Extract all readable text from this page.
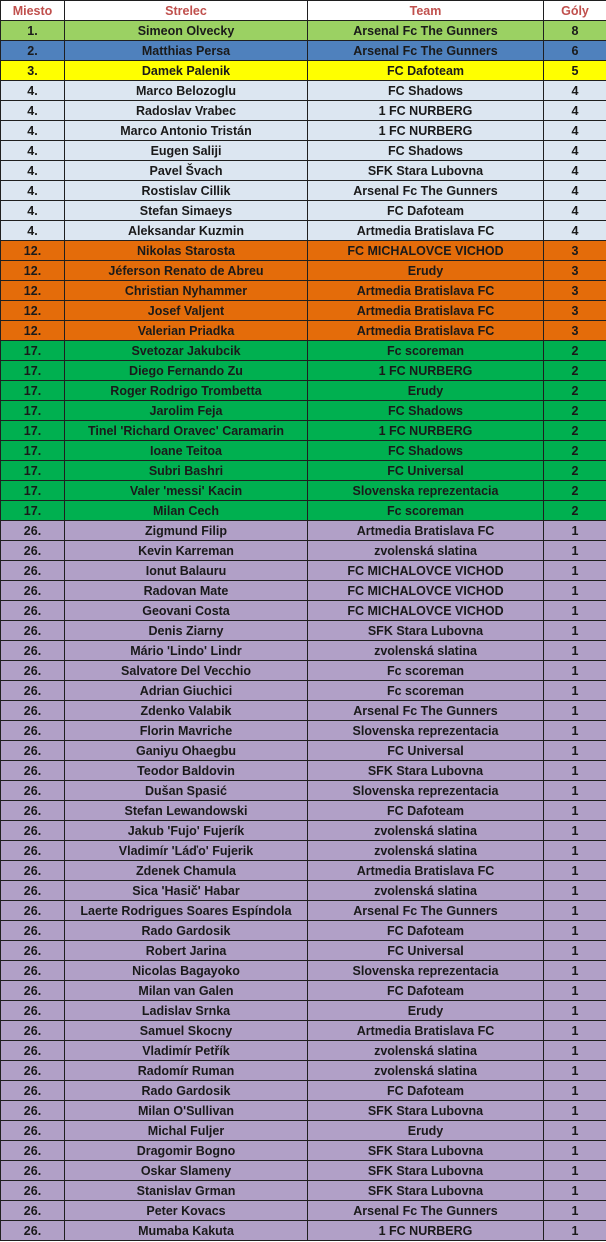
Miesto	Strelec	Team	Góly
1.	Simeon Olvecky	Arsenal Fc The Gunners	8
2.	Matthias Persa	Arsenal Fc The Gunners	6
3.	Damek Palenik	FC Dafoteam	5
4.	Marco Belozoglu	FC Shadows	4
4.	Radoslav Vrabec	1 FC NURBERG	4
4.	Marco Antonio Tristán	1 FC NURBERG	4
4.	Eugen Saliji	FC Shadows	4
4.	Pavel Švach	SFK Stara Lubovna	4
4.	Rostislav Cillik	Arsenal Fc The Gunners	4
4.	Stefan Simaeys	FC Dafoteam	4
4.	Aleksandar Kuzmin	Artmedia Bratislava FC	4
12.	Nikolas Starosta	FC MICHALOVCE VICHOD	3
12.	Jéferson Renato de Abreu	Erudy	3
12.	Christian Nyhammer	Artmedia Bratislava FC	3
12.	Josef Valjent	Artmedia Bratislava FC	3
12.	Valerian Priadka	Artmedia Bratislava FC	3
17.	Svetozar Jakubcik	Fc scoreman	2
17.	Diego Fernando Zu	1 FC NURBERG	2
17.	Roger Rodrigo Trombetta	Erudy	2
17.	Jarolim Feja	FC Shadows	2
17.	Tinel 'Richard Oravec' Caramarin	1 FC NURBERG	2
17.	Ioane Teitoa	FC Shadows	2
17.	Subri Bashri	FC Universal	2
17.	Valer 'messi' Kacin	Slovenska reprezentacia	2
17.	Milan Cech	Fc scoreman	2
26.	Zigmund Filip	Artmedia Bratislava FC	1
26.	Kevin Karreman	zvolenská slatina	1
26.	Ionut Balauru	FC MICHALOVCE VICHOD	1
26.	Radovan Mate	FC MICHALOVCE VICHOD	1
26.	Geovani Costa	FC MICHALOVCE VICHOD	1
26.	Denis Ziarny	SFK Stara Lubovna	1
26.	Mário 'Lindo' Lindr	zvolenská slatina	1
26.	Salvatore Del Vecchio	Fc scoreman	1
26.	Adrian Giuchici	Fc scoreman	1
26.	Zdenko Valabik	Arsenal Fc The Gunners	1
26.	Florin Mavriche	Slovenska reprezentacia	1
26.	Ganiyu Ohaegbu	FC Universal	1
26.	Teodor Baldovin	SFK Stara Lubovna	1
26.	Dušan Spasić	Slovenska reprezentacia	1
26.	Stefan Lewandowski	FC Dafoteam	1
26.	Jakub 'Fujo' Fujerík	zvolenská slatina	1
26.	Vladimír 'Láďo' Fujerik	zvolenská slatina	1
26.	Zdenek Chamula	Artmedia Bratislava FC	1
26.	Sica 'Hasič' Habar	zvolenská slatina	1
26.	Laerte Rodrigues Soares Espíndola	Arsenal Fc The Gunners	1
26.	Rado Gardosik	FC Dafoteam	1
26.	Robert Jarina	FC Universal	1
26.	Nicolas Bagayoko	Slovenska reprezentacia	1
26.	Milan van Galen	FC Dafoteam	1
26.	Ladislav Srnka	Erudy	1
26.	Samuel Skocny	Artmedia Bratislava FC	1
26.	Vladimír Petřík	zvolenská slatina	1
26.	Radomír Ruman	zvolenská slatina	1
26.	Rado Gardosik	FC Dafoteam	1
26.	Milan O'Sullivan	SFK Stara Lubovna	1
26.	Michal Fuljer	Erudy	1
26.	Dragomir Bogno	SFK Stara Lubovna	1
26.	Oskar Slameny	SFK Stara Lubovna	1
26.	Stanislav Grman	SFK Stara Lubovna	1
26.	Peter Kovacs	Arsenal Fc The Gunners	1
26.	Mumaba Kakuta	1 FC NURBERG	1
